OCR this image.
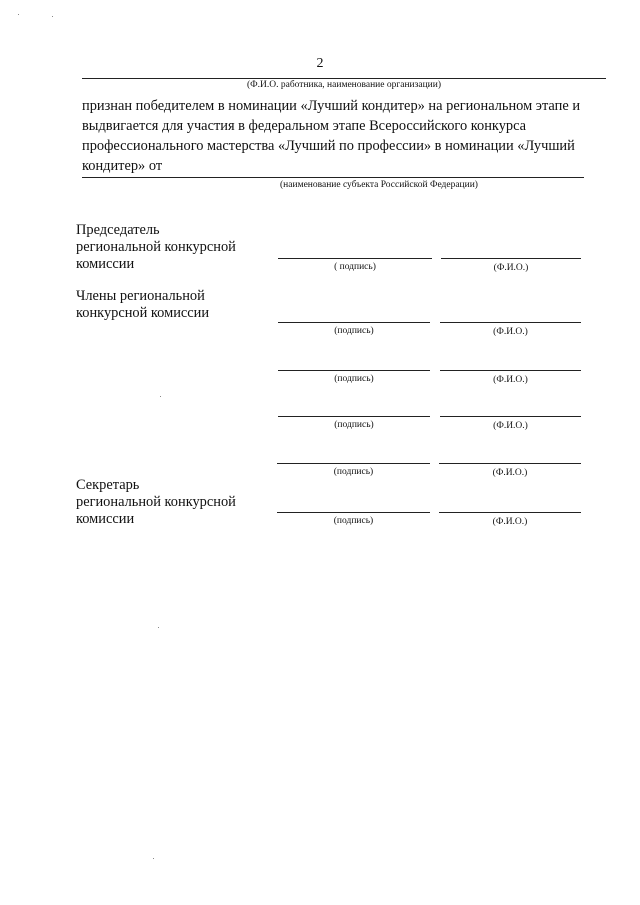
2
(Ф.И.О. работника, наименование организации)
признан победителем в номинации «Лучший кондитер» на региональном этапе и
выдвигается для участия в федеральном этапе Всероссийского конкурса
профессионального мастерства «Лучший по профессии» в номинации «Лучший
кондитер» от
(наименование субъекта Российской Федерации)
Председатель
региональной конкурсной
комиссии	( подпись)	(Ф.И.О.)
Члены региональной
конкурсной комиссии
(подпись)	(Ф.И.О.)
(подпись)	(Ф.И.О.)
(подпись)	(Ф.И.О.)
(подпись)	(Ф.И.О.)
Секретарь
региональной конкурсной
комиссии	(подпись)	(Ф.И.О.)
